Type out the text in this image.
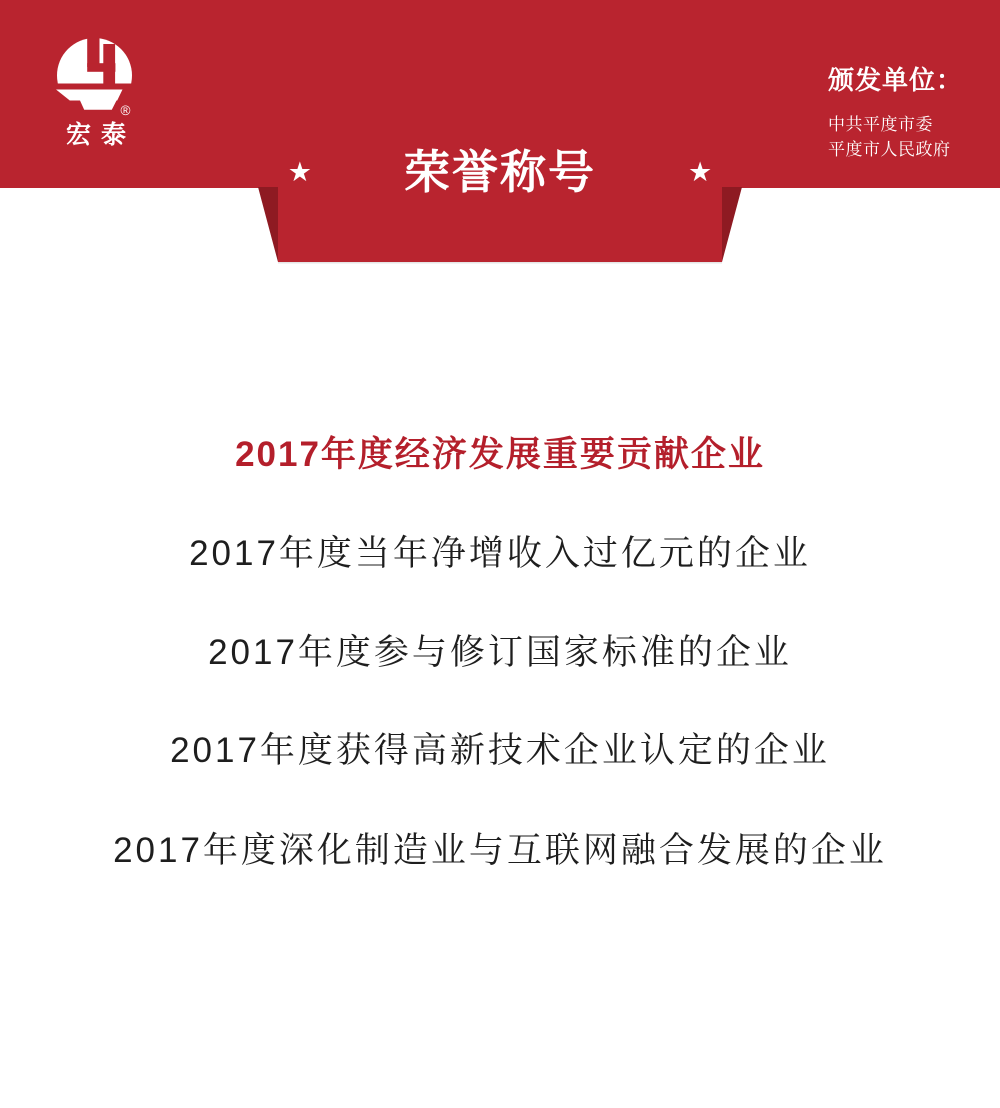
®
宏泰
颁发单位：
中共平度市委
平度市人民政府
★ 荣誉称号	★
2017年度经济发展重要贡献企业
2017年度当年净增收入过亿元的企业
2017年度参与修订国家标准的企业
2017年度获得高新技术企业认定的企业
2017年度深化制造业与互联网融合发展的企业
